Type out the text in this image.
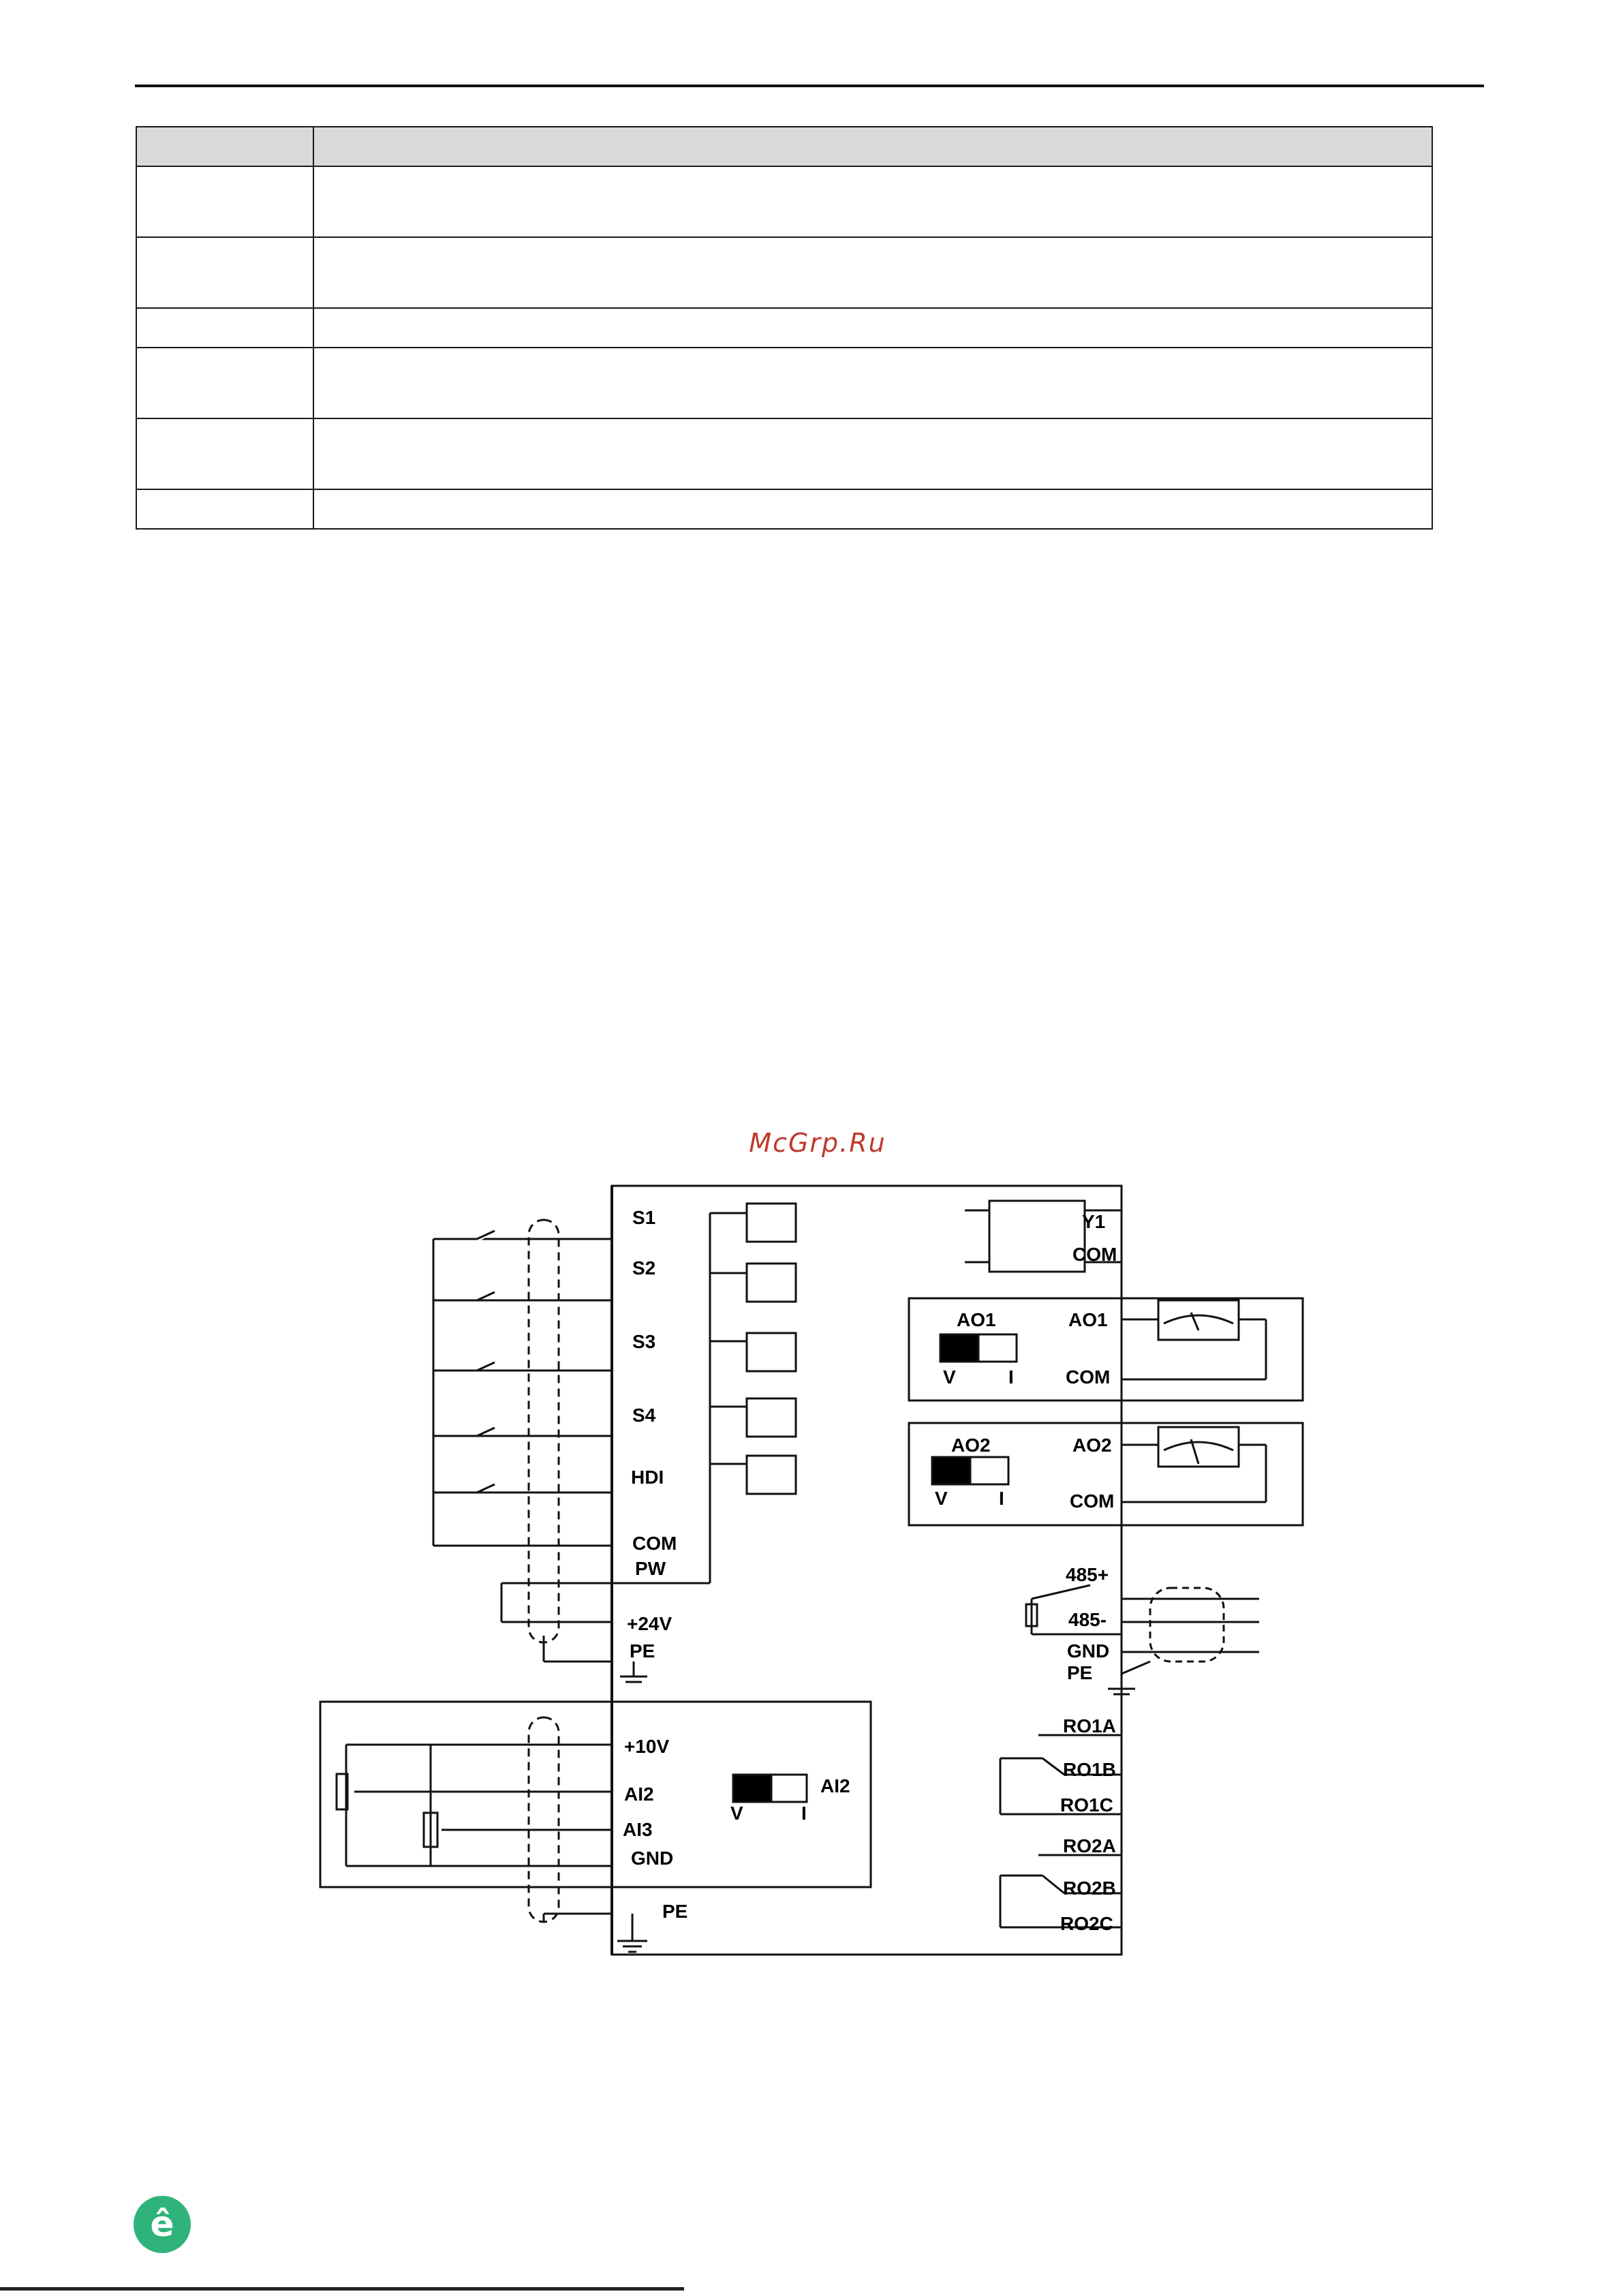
McGrp.Ru
S1
S2
S3
S4
HDI
COM
PW
+24V
PE
+10V
AI2
AI3
GND
PE
AI2
V	I
Y1
COM
AO1	AO1
COM
V	I
AO2	AO2
COM
V	I
485+
485-
GND
PE
RO1A
RO1B
RO1C
RO2A
RO2B
RO2C
ê
